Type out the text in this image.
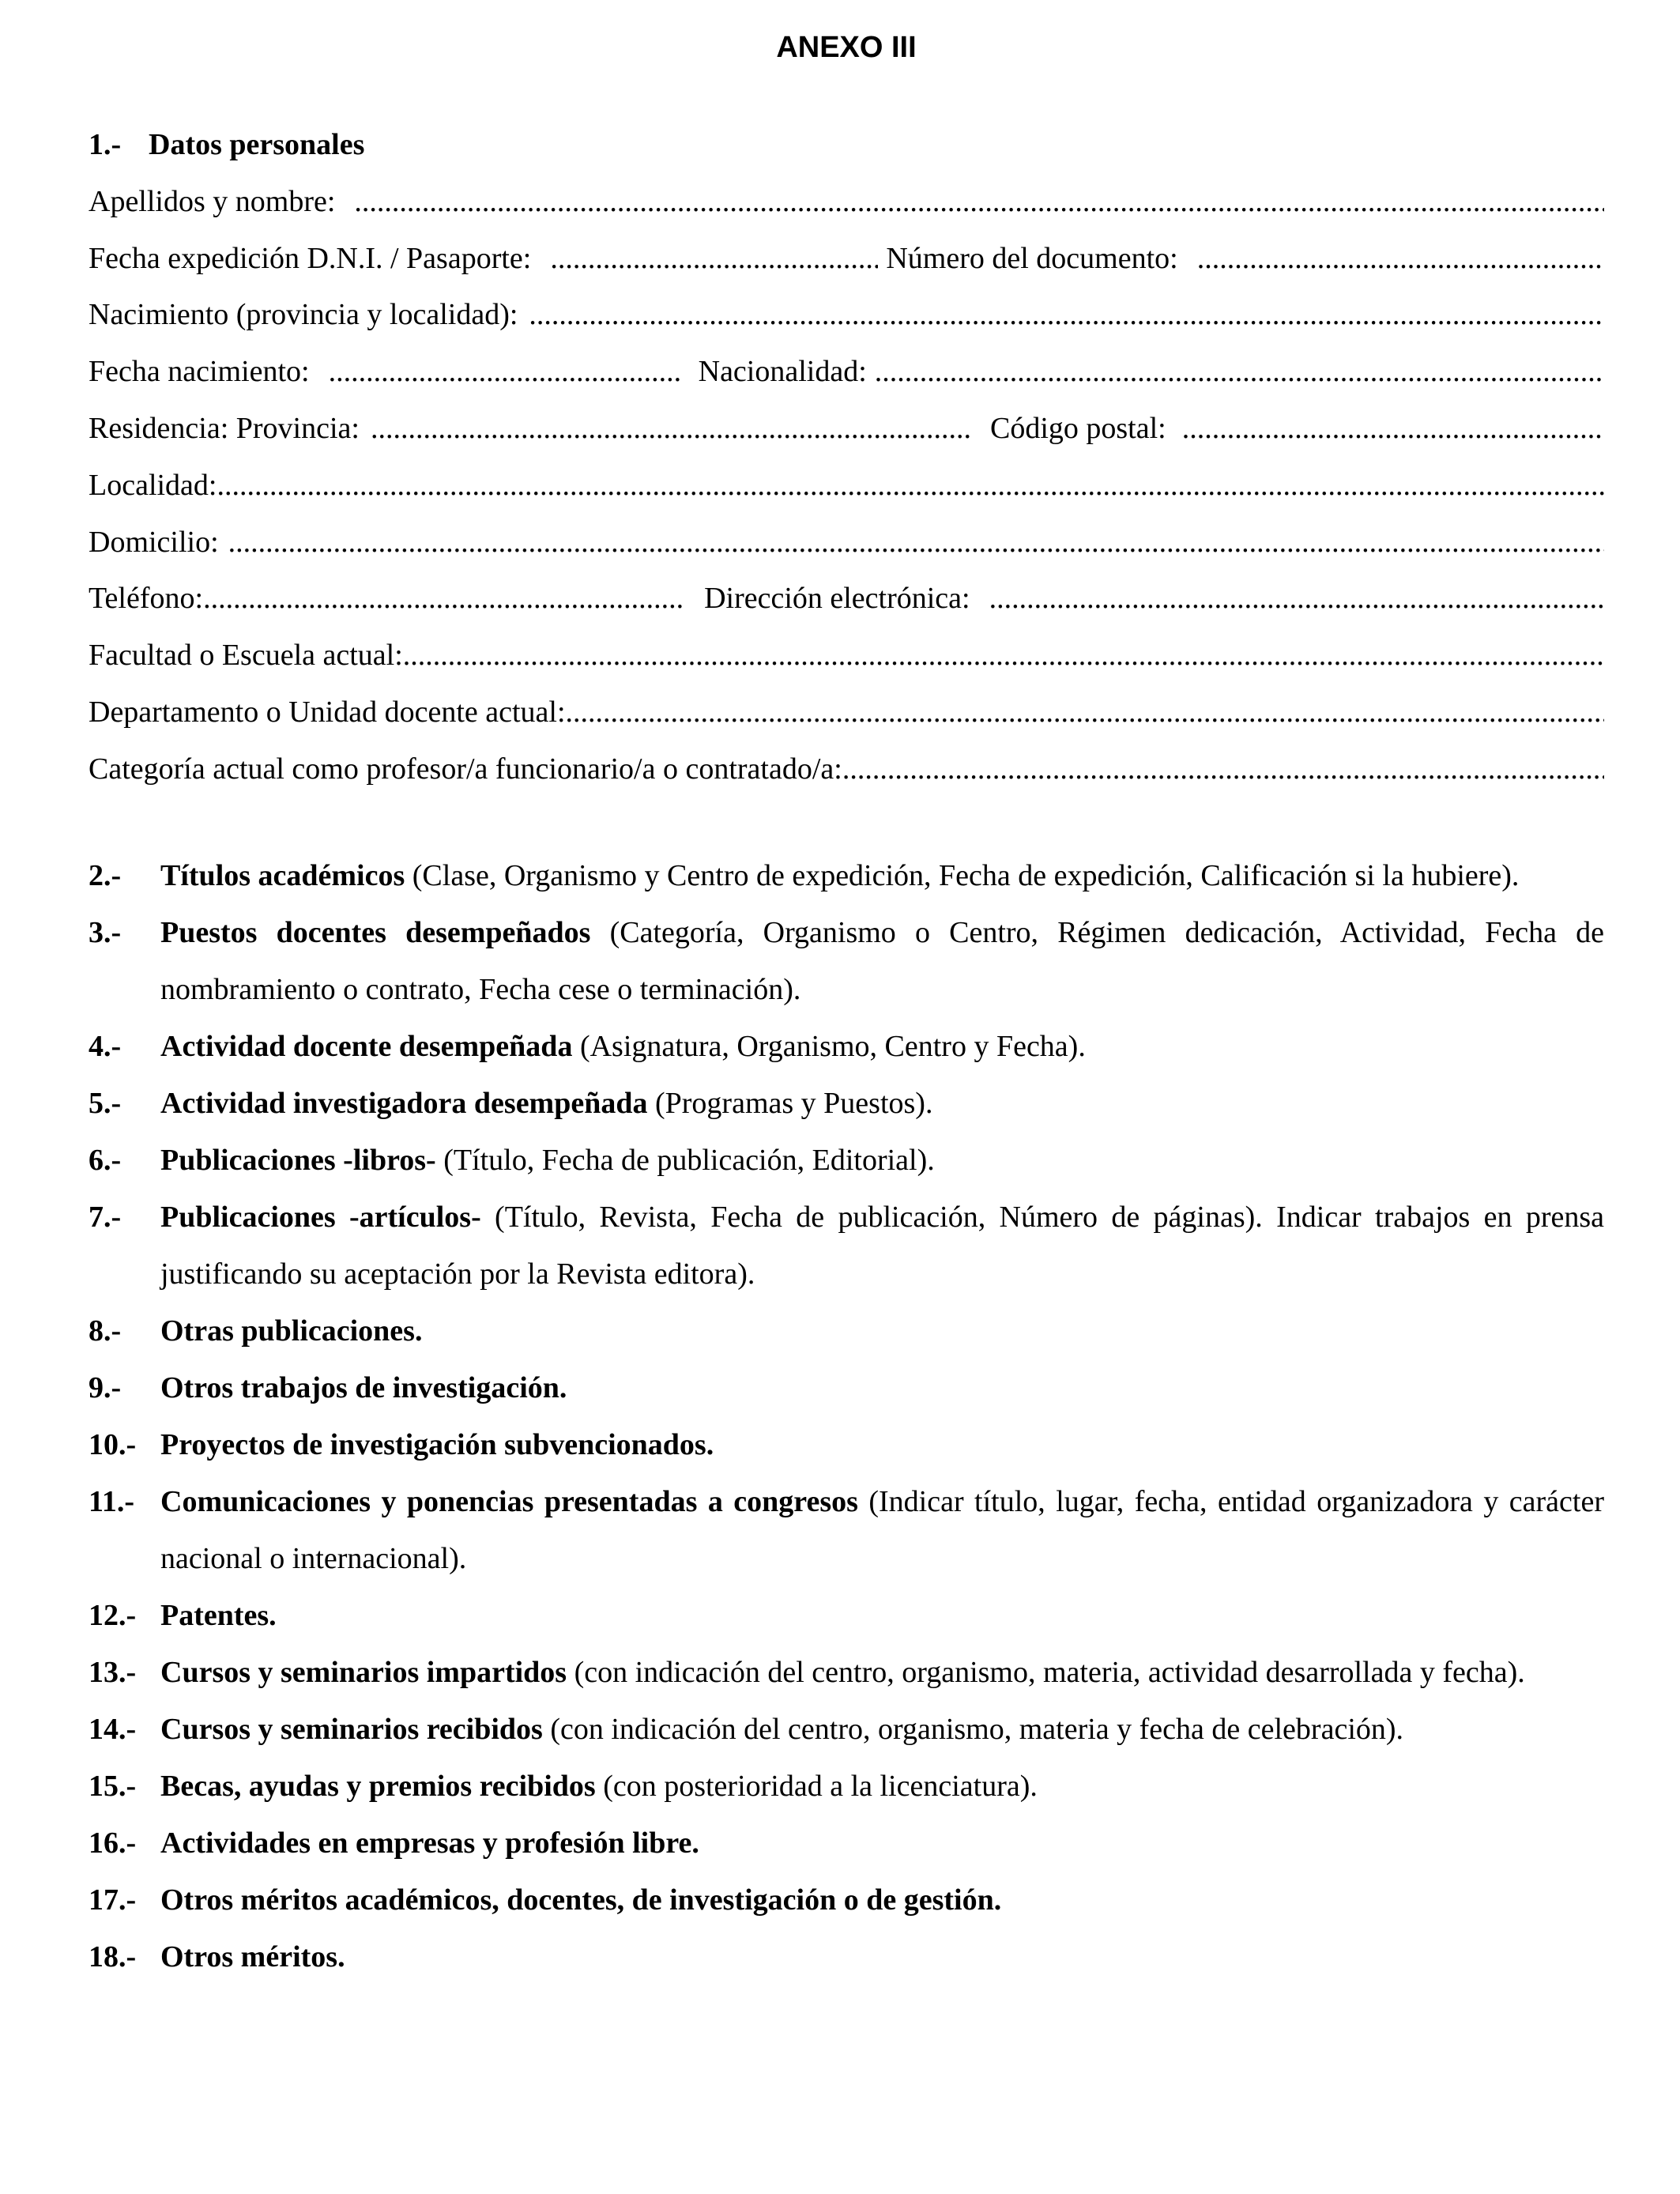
ANEXO III
1.- Datos personales
Apellidos y nombre:
.....
Fecha expedición D.N.I. / Pasaporte: .....	Número del documento:
.....
Nacimiento (provincia y localidad):
.....
Fecha nacimiento: .....	Nacionalidad:
.....
Residencia: Provincia: .....	Código postal:
.....
Localidad:
.....
Domicilio:
.....
Teléfono: .....	Dirección electrónica:
.....
Facultad o Escuela actual:
.....
Departamento o Unidad docente actual:
.....
Categoría actual como profesor/a funcionario/a o contratado/a:
.....
2.- Títulos académicos (Clase, Organismo y Centro de expedición, Fecha de expedición, Calificación si la hubiere).
3.- Puestos docentes desempeñados (Categoría, Organismo o Centro, Régimen dedicación, Actividad, Fecha de nombramiento o contrato, Fecha cese o terminación).
4.- Actividad docente desempeñada (Asignatura, Organismo, Centro y Fecha).
5.- Actividad investigadora desempeñada (Programas y Puestos).
6.- Publicaciones -libros- (Título, Fecha de publicación, Editorial).
7.- Publicaciones -artículos- (Título, Revista, Fecha de publicación, Número de páginas). Indicar trabajos en prensa justificando su aceptación por la Revista editora).
8.- Otras publicaciones.
9.- Otros trabajos de investigación.
10.- Proyectos de investigación subvencionados.
11.- Comunicaciones y ponencias presentadas a congresos (Indicar título, lugar, fecha, entidad organizadora y carácter nacional o internacional).
12.- Patentes.
13.- Cursos y seminarios impartidos (con indicación del centro, organismo, materia, actividad desarrollada y fecha).
14.- Cursos y seminarios recibidos (con indicación del centro, organismo, materia y fecha de celebración).
15.- Becas, ayudas y premios recibidos (con posterioridad a la licenciatura).
16.- Actividades en empresas y profesión libre.
17.- Otros méritos académicos, docentes, de investigación o de gestión.
18.- Otros méritos.
